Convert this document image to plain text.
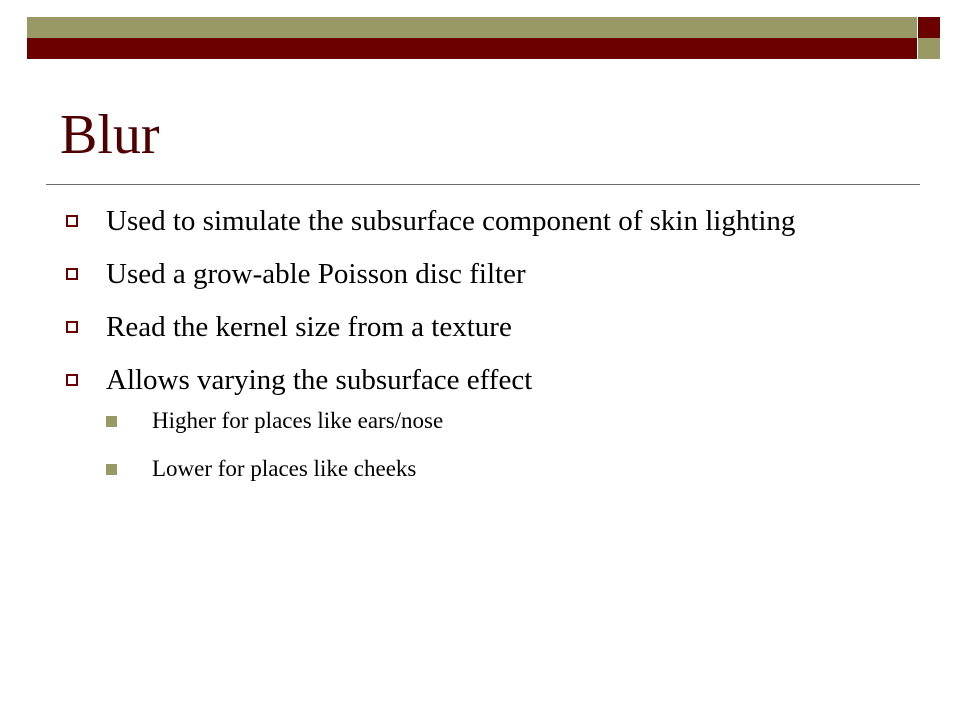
Blur
Used to simulate the subsurface component of skin lighting
Used a grow-able Poisson disc filter
Read the kernel size from a texture
Allows varying the subsurface effect
Higher for places like ears/nose
Lower for places like cheeks
